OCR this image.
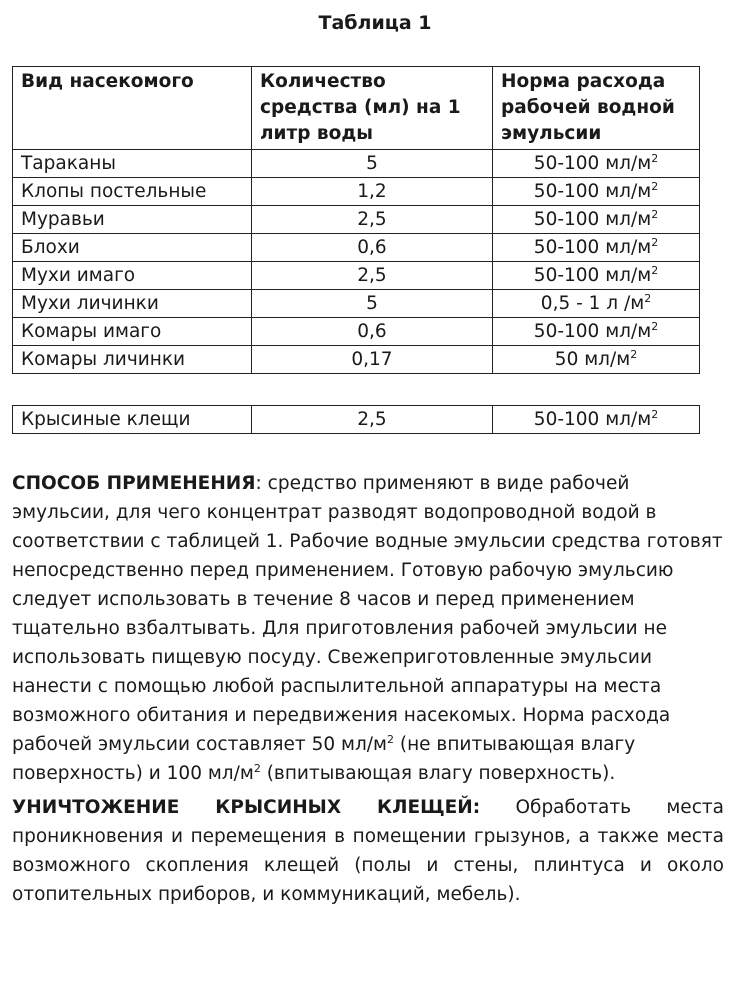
Таблица 1
Вид насекомого	Количество средства (мл) на 1 литр воды	Норма расхода рабочей водной эмульсии
Тараканы	5	50-100 $мл/м^2$
Клопы постельные	1,2	50-100 $мл/м^2$
Муравьи	2,5	50-100 $мл/м^2$
Блохи	0,6	50-100 $мл/м^2$
Мухи имаго	2,5	50-100 $мл/м^2$
Мухи личинки	5	0,5 - 1 л $/м^2$
Комары имаго	0,6	50-100 $мл/м^2$
Комары личинки	0,17	50 $мл/м^2$
Крысиные клещи	2,5	50-100 $мл/м^2$
СПОСОБ ПРИМЕНЕНИЯ: средство применяют в виде рабочей эмульсии, для чего концентрат разводят водопроводной водой в соответствии с таблицей 1. Рабочие водные эмульсии средства готовят непосредственно перед применением. Готовую рабочую эмульсию следует использовать в течение 8 часов и перед применением тщательно взбалтывать. Для приготовления рабочей эмульсии не использовать пищевую посуду. Свежеприготовленные эмульсии нанести с помощью любой распылительной аппаратуры на места возможного обитания и передвижения насекомых. Норма расхода рабочей эмульсии составляет 50 $мл/м^2$ (не впитывающая влагу поверхность) и 100 $мл/м^2$ (впитывающая влагу поверхность).
УНИЧТОЖЕНИЕ КРЫСИНЫХ КЛЕЩЕЙ: Обработать места проникновения и перемещения в помещении грызунов, а также места возможного скопления клещей (полы и стены, плинтуса и около отопительных приборов, и коммуникаций, мебель).
